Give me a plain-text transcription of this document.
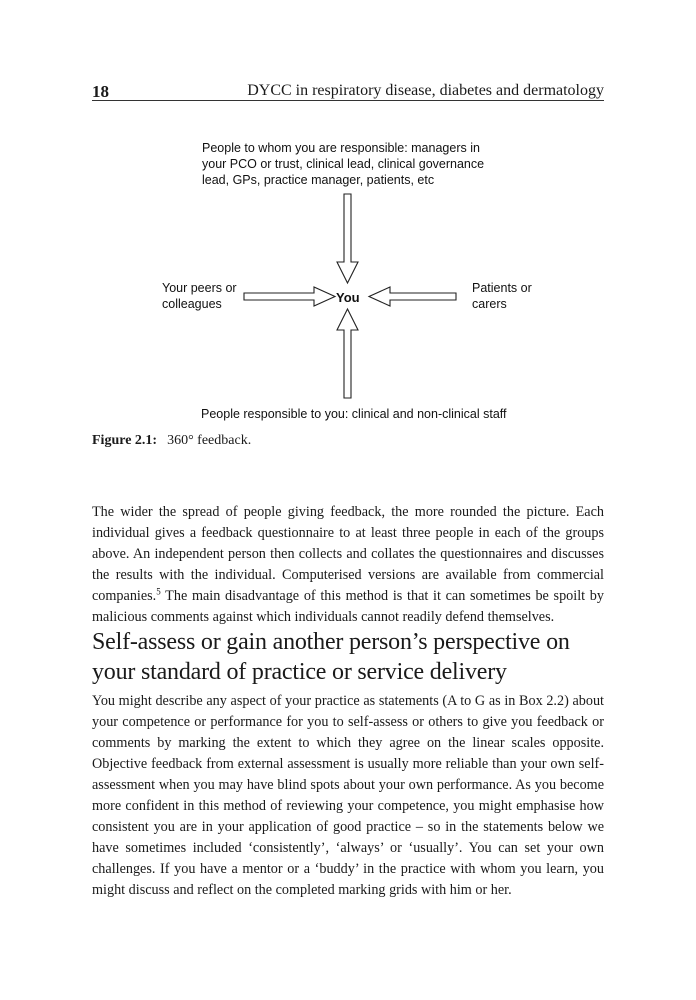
18	DYCC in respiratory disease, diabetes and dermatology
People to whom you are responsible: managers in
your PCO or trust, clinical lead, clinical governance
lead, GPs, practice manager, patients, etc
Your peers or
colleagues	You
Patients or
carers
People responsible to you: clinical and non-clinical staff
Figure 2.1: 360° feedback.

The wider the spread of people giving feedback, the more rounded the picture. Each individual gives a feedback questionnaire to at least three people in each of the groups above. An independent person then collects and collates the questionnaires and discusses the results with the individual. Computerised versions are available from commercial companies.$^5$ The main disadvantage of this method is that it can sometimes be spoilt by malicious comments against which individuals cannot readily defend themselves.

Self-assess or gain another person’s perspective on your standard of practice or service delivery

You might describe any aspect of your practice as statements (A to G as in Box 2.2) about your competence or performance for you to self-assess or others to give you feedback or comments by marking the extent to which they agree on the linear scales opposite. Objective feedback from external assessment is usually more reliable than your own self-assessment when you may have blind spots about your own performance. As you become more confident in this method of reviewing your competence, you might emphasise how consistent you are in your application of good practice – so in the statements below we have sometimes included ‘consistently’, ‘always’ or ‘usually’. You can set your own challenges. If you have a mentor or a ‘buddy’ in the practice with whom you learn, you might discuss and reflect on the completed marking grids with him or her.
